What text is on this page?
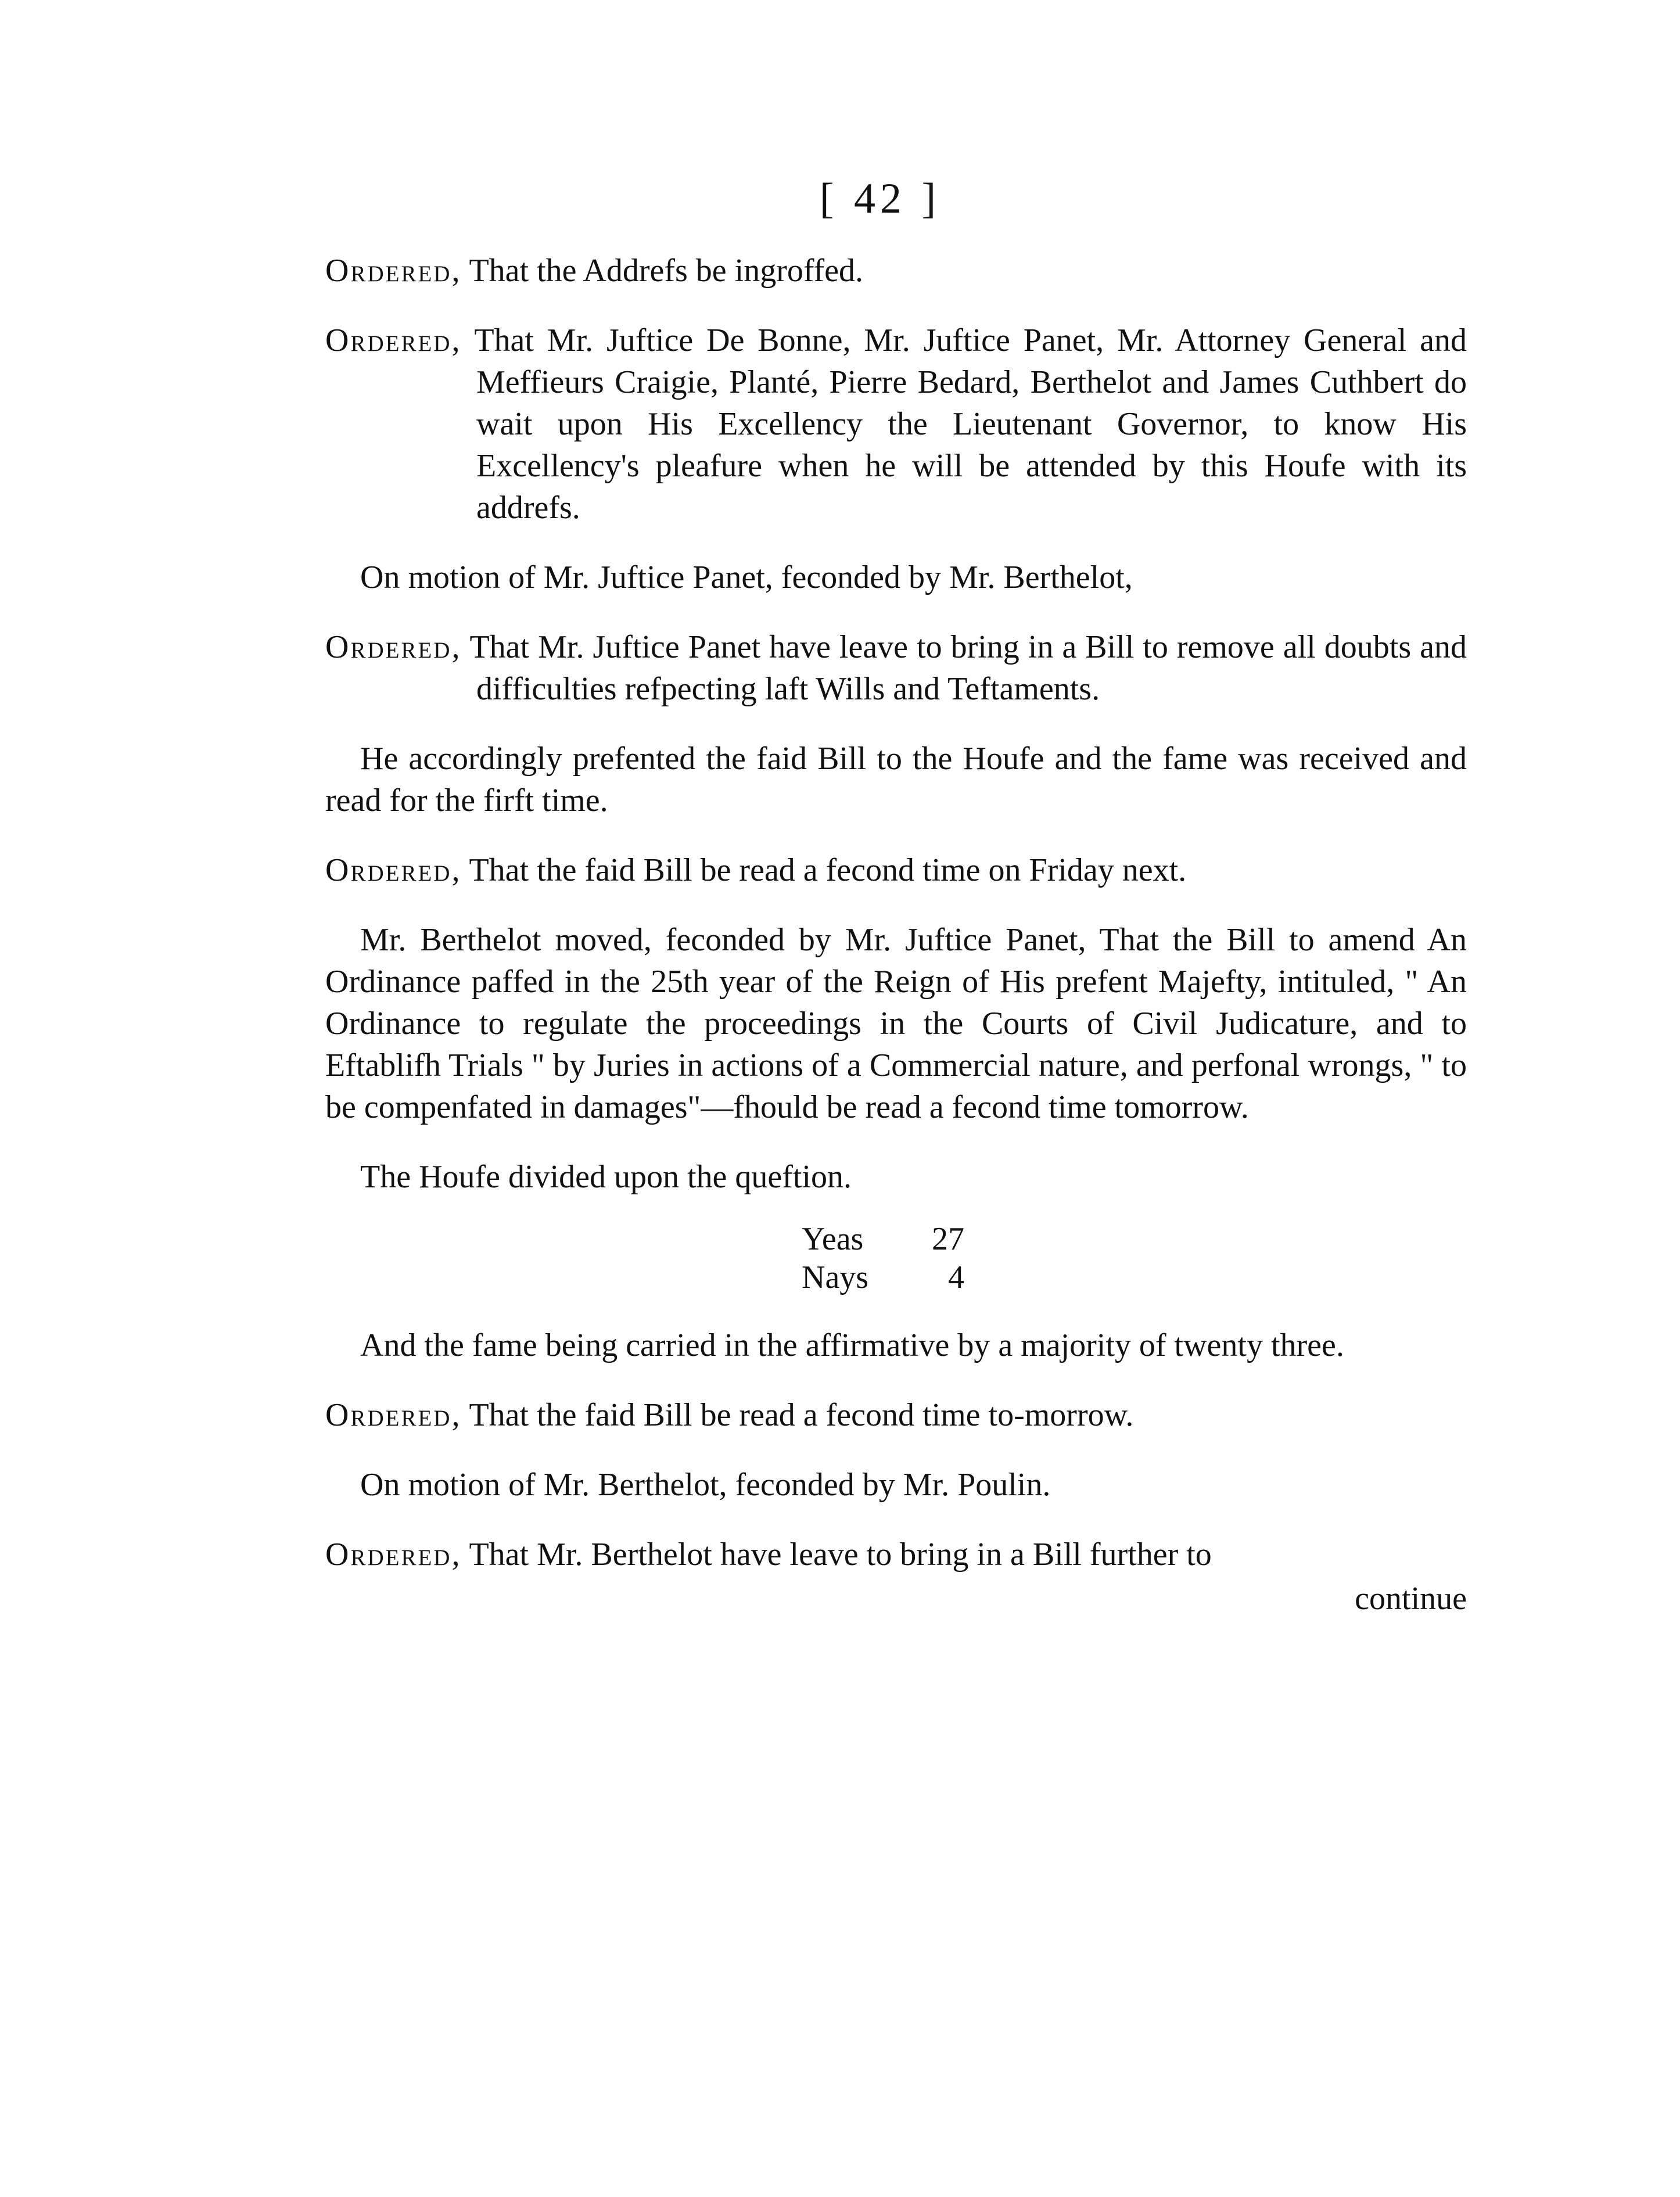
[ 42 ]

Ordered, That the Addrefs be ingroffed.

Ordered, That Mr. Juftice De Bonne, Mr. Juftice Panet, Mr. Attorney General and Meffieurs Craigie, Planté, Pierre Bedard, Berthelot and James Cuthbert do wait upon His Excellency the Lieutenant Governor, to know His Excellency's pleafure when he will be attended by this Houfe with its addrefs.

On motion of Mr. Juftice Panet, feconded by Mr. Berthelot,

Ordered, That Mr. Juftice Panet have leave to bring in a Bill to remove all doubts and difficulties refpecting laft Wills and Teftaments.

He accordingly prefented the faid Bill to the Houfe and the fame was received and read for the firft time.

Ordered, That the faid Bill be read a fecond time on Friday next.

Mr. Berthelot moved, feconded by Mr. Juftice Panet, That the Bill to amend An Ordinance paffed in the 25th year of the Reign of His prefent Majefty, intituled, " An Ordinance to regulate the proceedings in the Courts of Civil Judicature, and to Eftablifh Trials " by Juries in actions of a Commercial nature, and perfonal wrongs, " to be compenfated in damages"—fhould be read a fecond time tomorrow.

The Houfe divided upon the queftion.

Yeas 27
Nays 4

And the fame being carried in the affirmative by a majority of twenty three.

Ordered, That the faid Bill be read a fecond time to-morrow.

On motion of Mr. Berthelot, feconded by Mr. Poulin.

Ordered, That Mr. Berthelot have leave to bring in a Bill further to

continue
